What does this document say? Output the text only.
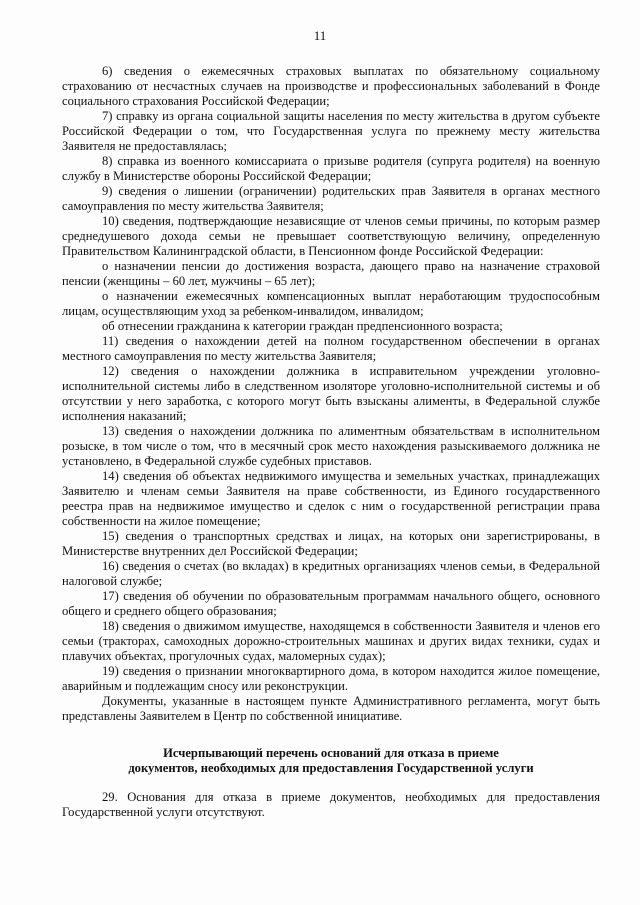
11

6) сведения о ежемесячных страховых выплатах по обязательному социальному страхованию от несчастных случаев на производстве и профессиональных заболеваний в Фонде социального страхования Российской Федерации;

7) справку из органа социальной защиты населения по месту жительства в другом субъекте Российской Федерации о том, что Государственная услуга по прежнему месту жительства Заявителя не предоставлялась;

8) справка из военного комиссариата о призыве родителя (супруга родителя) на военную службу в Министерстве обороны Российской Федерации;

9) сведения о лишении (ограничении) родительских прав Заявителя в органах местного самоуправления по месту жительства Заявителя;

10) сведения, подтверждающие независящие от членов семьи причины, по которым размер среднедушевого дохода семьи не превышает соответствующую величину, определенную Правительством Калининградской области, в Пенсионном фонде Российской Федерации:

о назначении пенсии до достижения возраста, дающего право на назначение страховой пенсии (женщины – 60 лет, мужчины – 65 лет);

о назначении ежемесячных компенсационных выплат неработающим трудоспособным лицам, осуществляющим уход за ребенком-инвалидом, инвалидом;

об отнесении гражданина к категории граждан предпенсионного возраста;

11) сведения о нахождении детей на полном государственном обеспечении в органах местного самоуправления по месту жительства Заявителя;

12) сведения о нахождении должника в исправительном учреждении уголовно-исполнительной системы либо в следственном изоляторе уголовно-исполнительной системы и об отсутствии у него заработка, с которого могут быть взысканы алименты, в Федеральной службе исполнения наказаний;

13) сведения о нахождении должника по алиментным обязательствам в исполнительном розыске, в том числе о том, что в месячный срок место нахождения разыскиваемого должника не установлено, в Федеральной службе судебных приставов.

14) сведения об объектах недвижимого имущества и земельных участках, принадлежащих Заявителю и членам семьи Заявителя на праве собственности, из Единого государственного реестра прав на недвижимое имущество и сделок с ним о государственной регистрации права собственности на жилое помещение;

15) сведения о транспортных средствах и лицах, на которых они зарегистрированы, в Министерстве внутренних дел Российской Федерации;

16) сведения о счетах (во вкладах) в кредитных организациях членов семьи, в Федеральной налоговой службе;

17) сведения об обучении по образовательным программам начального общего, основного общего и среднего общего образования;

18) сведения о движимом имуществе, находящемся в собственности Заявителя и членов его семьи (тракторах, самоходных дорожно-строительных машинах и других видах техники, судах и плавучих объектах, прогулочных судах, маломерных судах);

19) сведения о признании многоквартирного дома, в котором находится жилое помещение, аварийным и подлежащим сносу или реконструкции.

Документы, указанные в настоящем пункте Административного регламента, могут быть представлены Заявителем в Центр по собственной инициативе.

Исчерпывающий перечень оснований для отказа в приеме
документов, необходимых для предоставления Государственной услуги

29. Основания для отказа в приеме документов, необходимых для предоставления Государственной услуги отсутствуют.
